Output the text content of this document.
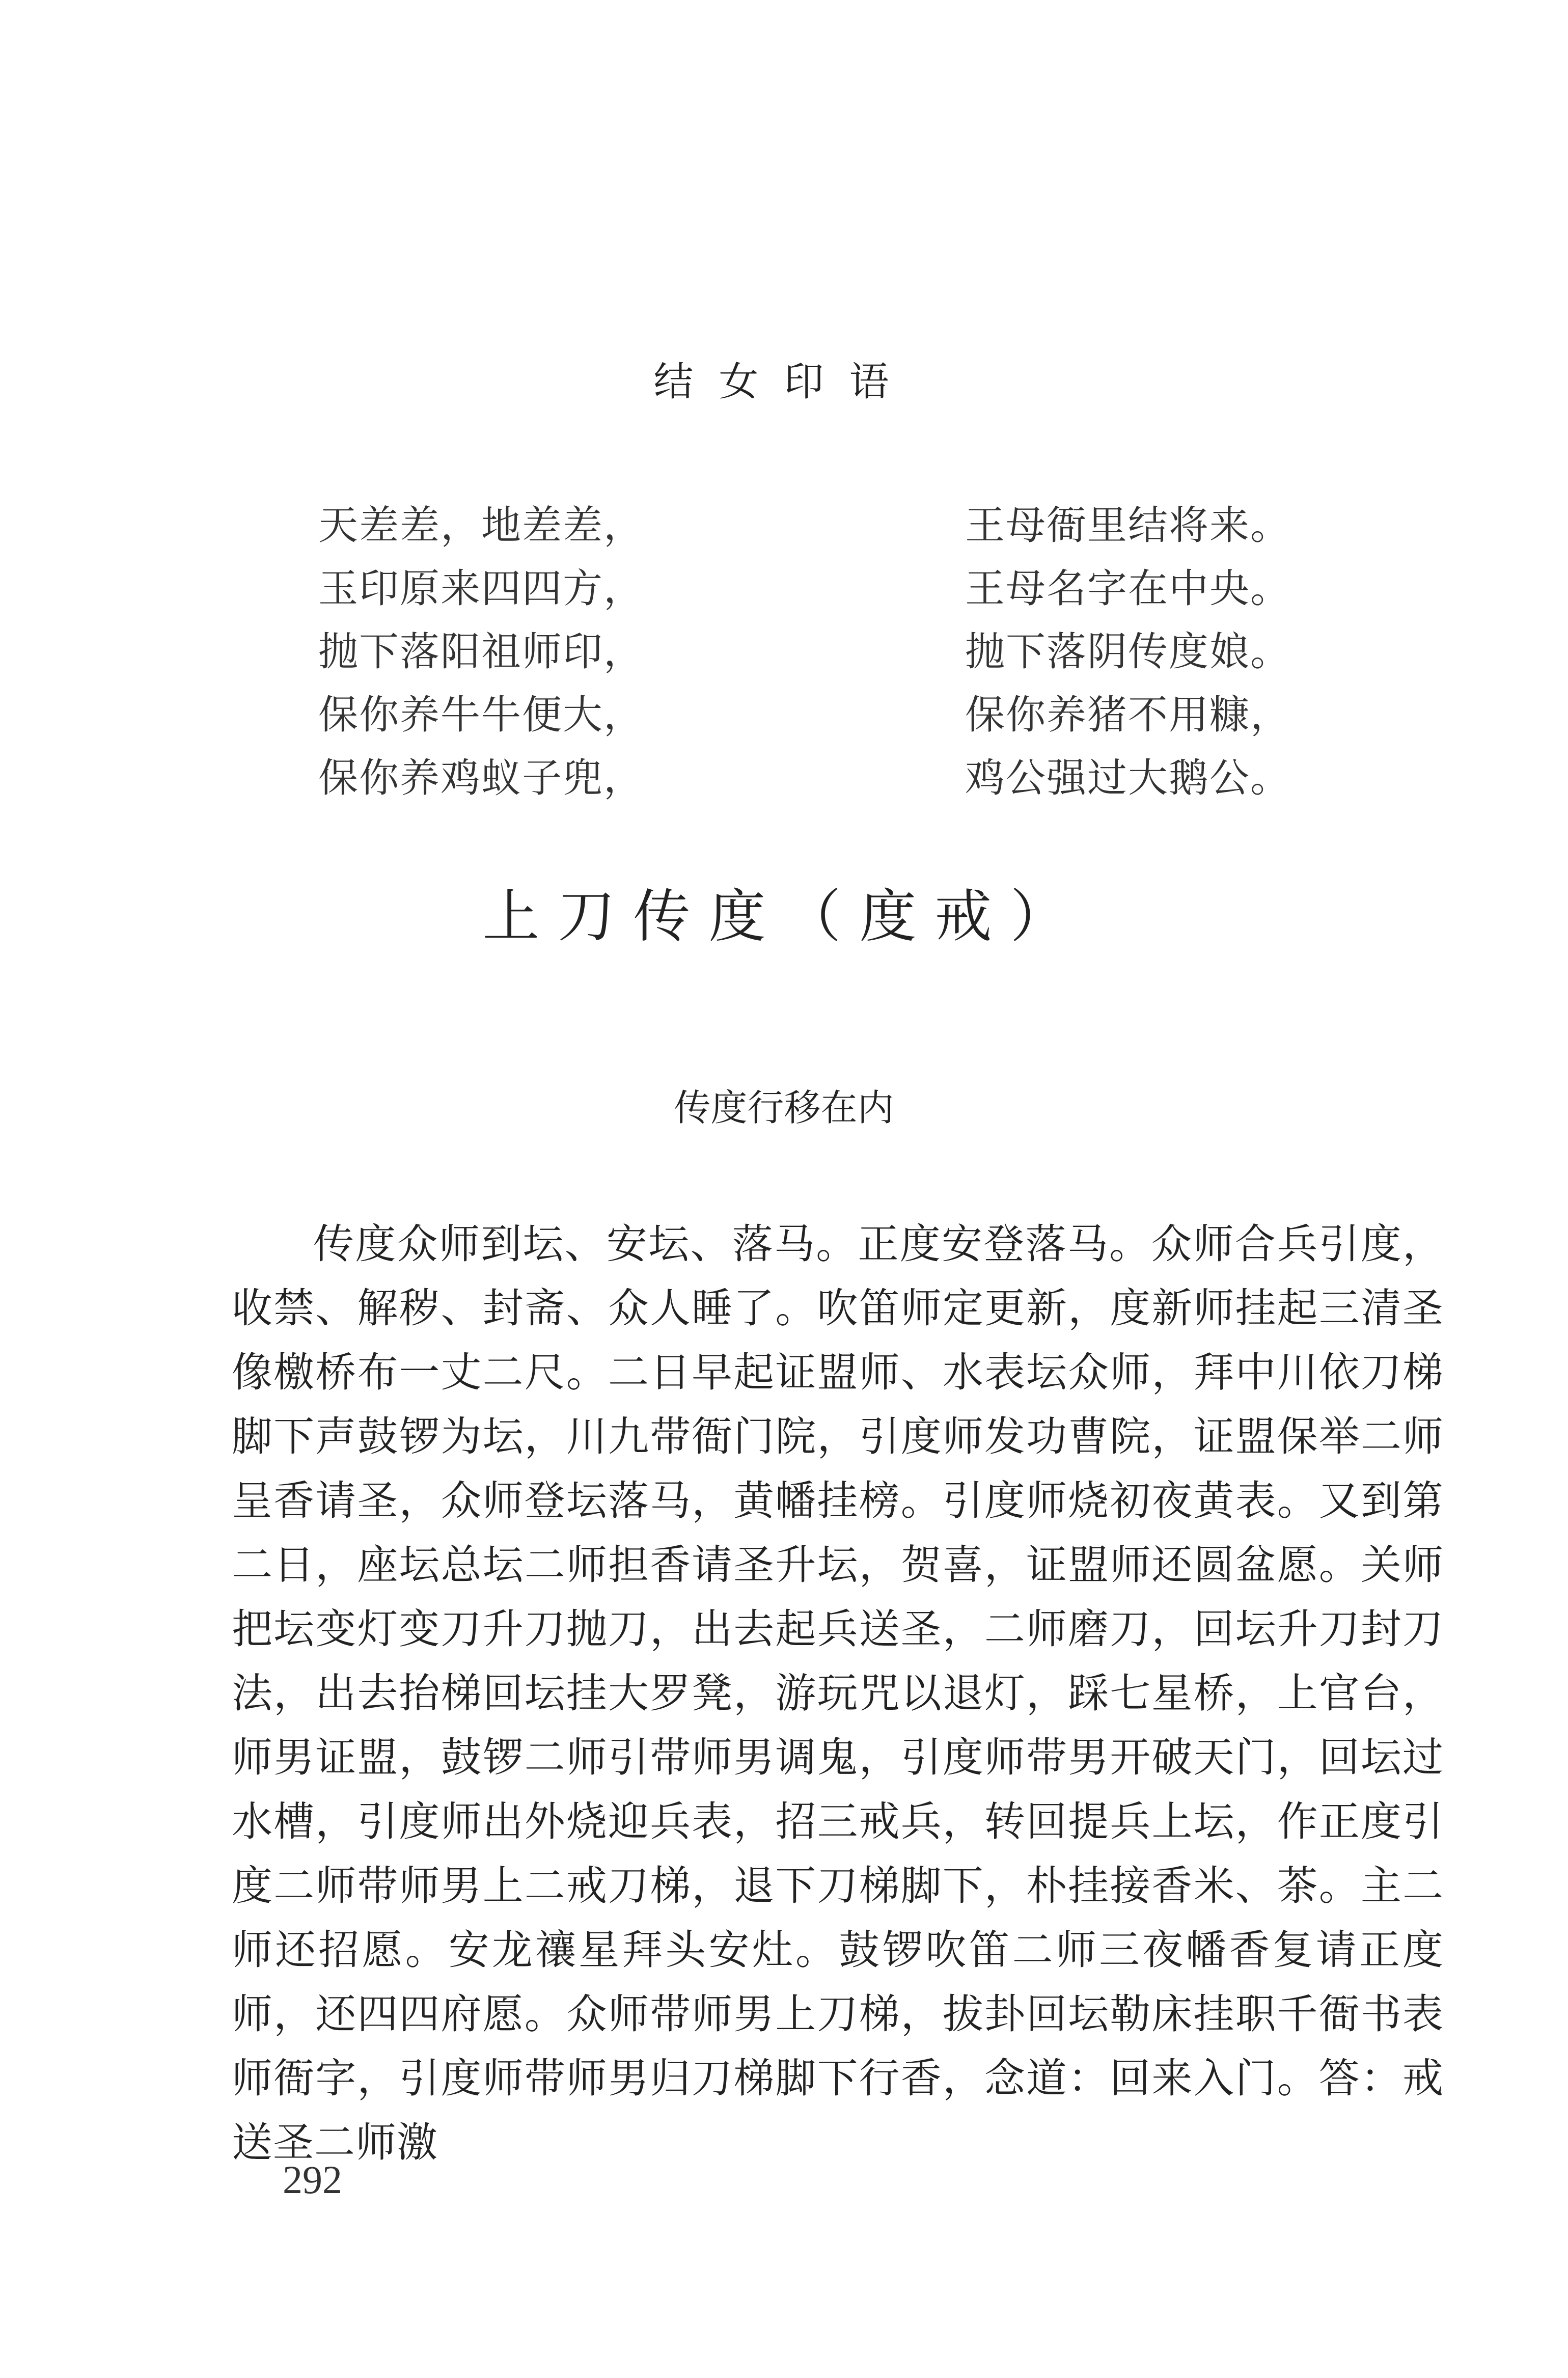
结女印语
天差差，地差差，	王母衙里结将来。
玉印原来四四方，	王母名字在中央。
抛下落阳祖师印，	抛下落阴传度娘。
保你养牛牛便大，	保你养猪不用糠，
保你养鸡蚁子兜，	鸡公强过大鹅公。
上刀传度（度戒）
传度行移在内
传度众师到坛、安坛、落马。正度安登落马。众师合兵引度，收禁、解秽、封斋、众人睡了。吹笛师定更新，度新师挂起三清圣像檄桥布一丈二尺。二日早起证盟师、水表坛众师，拜中川依刀梯脚下声鼓锣为坛，川九带衙门院，引度师发功曹院，证盟保举二师呈香请圣，众师登坛落马，黄幡挂榜。引度师烧初夜黄表。又到第二日，座坛总坛二师担香请圣升坛，贺喜，证盟师还圆盆愿。关师把坛变灯变刀升刀抛刀，出去起兵送圣，二师磨刀，回坛升刀封刀法，出去抬梯回坛挂大罗凳，游玩咒以退灯，踩七星桥，上官台，师男证盟，鼓锣二师引带师男调鬼，引度师带男开破天门，回坛过水槽，引度师出外烧迎兵表，招三戒兵，转回提兵上坛，作正度引度二师带师男上二戒刀梯，退下刀梯脚下，朴挂接香米、茶。主二师还招愿。安龙禳星拜头安灶。鼓锣吹笛二师三夜幡香复请正度师，还四四府愿。众师带师男上刀梯，拔卦回坛勒床挂职千衙书表师衙字，引度师带师男归刀梯脚下行香，念道：回来入门。答：戒送圣二师激
292
